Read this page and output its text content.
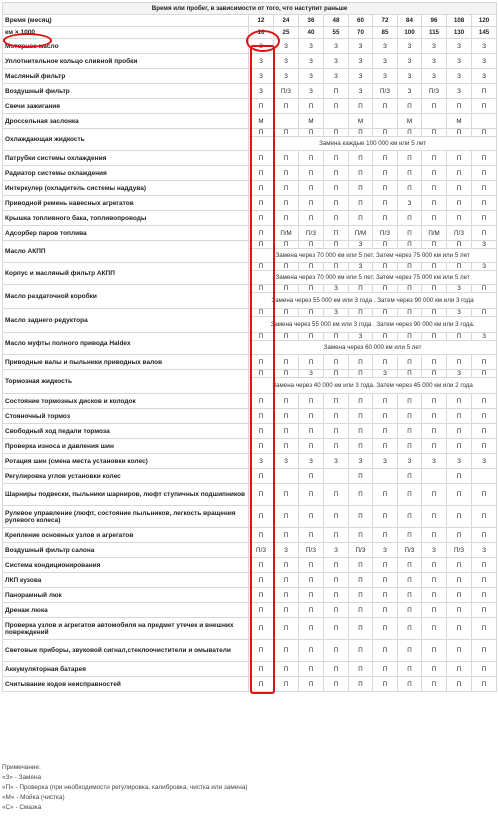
Время или пробег, в зависимости от того, что наступит раньше										
Время (месяц)	12	24	36	48	60	72	84	96	108	120
км × 1000	10	25	40	55	70	85	100	115	130	145
Моторное масло	З	З	З	З	З	З	З	З	З	З
Уплотнительное кольцо сливной пробки	З	З	З	З	З	З	З	З	З	З
Масляный фильтр	З	З	З	З	З	З	З	З	З	З
Воздушный фильтр	З	П/З	З	П	З	П/З	З	П/З	З	П
Свечи зажигания	П	П	П	П	П	П	П	П	П	П
Дроссельная заслонка	М		М		М		М		М	
Охлаждающая жидкость	П	П	П	П	П	П	П	П	П	П
	Замена каждые 100 000 км или 5 лет									
Патрубки системы охлаждения	П	П	П	П	П	П	П	П	П	П
Радиатор системы охлаждения	П	П	П	П	П	П	П	П	П	П
Интеркулер (охладитель системы наддува)	П	П	П	П	П	П	П	П	П	П
Приводной ремень навесных агрегатов	П	П	П	П	П	П	З	П	П	П
Крышка топливного бака, топливопроводы	П	П	П	П	П	П	П	П	П	П
Адсорбер паров топлива	П	П/М	П/З	П	П/М	П/З	П	П/М	П/З	П
Масло АКПП	П	П	П	П	З	П	П	П	П	З
	Замена через 70 000 км или 5 лет. Затем через 75 000 км или 5 лет									
Корпус и масляный фильтр АКПП	П	П	П	П	З	П	П	П	П	З
	Замена через 70 000 км или 5 лет. Затем через 75 000 км или 5 лет									
Масло раздаточной коробки	П	П	П	З	П	П	П	П	З	П
	Замена через 55 000 км или 3 года . Затем через 90 000 км или 3 года									
Масло заднего редуктора	П	П	П	З	П	П	П	П	З	П
	Замена через 55 000 км или 3 года . Затем через 90 000 км или 3 года.									
Масло муфты полного привода Haldex	П	П	П	П	З	П	П	П	П	З
	Замена через 60 000 км или 5 лет									
Приводные валы и пыльники приводных валов	П	П	П	П	П	П	П	П	П	П
Тормозная жидкость	П	П	З	П	П	З	П	П	З	П
	Замена через 40 000 км или 3 года. Затем через 45 000 км или 2 года									
Состояние тормозных дисков и колодок	П	П	П	П	П	П	П	П	П	П
Стояночный тормоз	П	П	П	П	П	П	П	П	П	П
Свободный ход педали тормоза	П	П	П	П	П	П	П	П	П	П
Проверка износа и давления шин	П	П	П	П	П	П	П	П	П	П
Ротация шин (смена места установки колес)	З	З	З	З	З	З	З	З	З	З
Регулировка углов установки колес	П		П		П		П		П	
Шарниры подвески, пыльники шарниров, люфт ступичных подшипников	П	П	П	П	П	П	П	П	П	П
Рулевое управление (люфт, состояние пыльников, легкость вращения рулевого колеса)	П	П	П	П	П	П	П	П	П	П
Крепление основных узлов и агрегатов	П	П	П	П	П	П	П	П	П	П
Воздушный фильтр салона	П/З	З	П/З	З	П/З	З	П/З	З	П/З	З
Система кондиционирования	П	П	П	П	П	П	П	П	П	П
ЛКП кузова	П	П	П	П	П	П	П	П	П	П
Панорамный люк	П	П	П	П	П	П	П	П	П	П
Дренаж люка	П	П	П	П	П	П	П	П	П	П
Проверка узлов и агрегатов автомобиля на предмет утечек и внешних повреждений	П	П	П	П	П	П	П	П	П	П
Световые приборы, звуковой сигнал,стеклоочистители и омыватели	П	П	П	П	П	П	П	П	П	П
Аккумуляторная батарея	П	П	П	П	П	П	П	П	П	П
Считывание кодов неисправностей	П	П	П	П	П	П	П	П	П	П
Примечание:
«З» - Замена
«П» - Проверка (при необходимости регулировка, калибровка, чистка или замена)
«М» - Мойка (чистка)
«С» - Смазка
